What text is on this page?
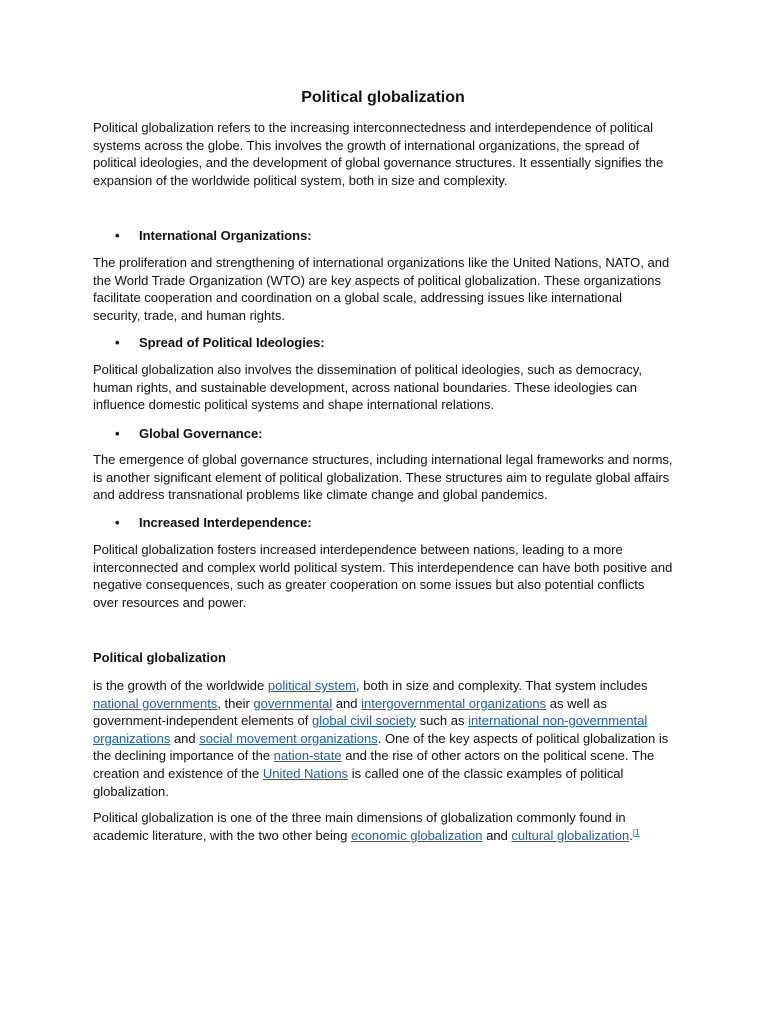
Political globalization

Political globalization refers to the increasing interconnectedness and interdependence of political systems across the globe. This involves the growth of international organizations, the spread of political ideologies, and the development of global governance structures. It essentially signifies the expansion of the worldwide political system, both in size and complexity.

• International Organizations:

The proliferation and strengthening of international organizations like the United Nations, NATO, and the World Trade Organization (WTO) are key aspects of political globalization. These organizations facilitate cooperation and coordination on a global scale, addressing issues like international security, trade, and human rights.

• Spread of Political Ideologies:

Political globalization also involves the dissemination of political ideologies, such as democracy, human rights, and sustainable development, across national boundaries. These ideologies can influence domestic political systems and shape international relations.

• Global Governance:

The emergence of global governance structures, including international legal frameworks and norms, is another significant element of political globalization. These structures aim to regulate global affairs and address transnational problems like climate change and global pandemics.

• Increased Interdependence:

Political globalization fosters increased interdependence between nations, leading to a more interconnected and complex world political system. This interdependence can have both positive and negative consequences, such as greater cooperation on some issues but also potential conflicts over resources and power.

Political globalization

is the growth of the worldwide political system, both in size and complexity. That system includes national governments, their governmental and intergovernmental organizations as well as government-independent elements of global civil society such as international non-governmental organizations and social movement organizations. One of the key aspects of political globalization is the declining importance of the nation-state and the rise of other actors on the political scene. The creation and existence of the United Nations is called one of the classic examples of political globalization.

Political globalization is one of the three main dimensions of globalization commonly found in academic literature, with the two other being economic globalization and cultural globalization.$^{[1}$
